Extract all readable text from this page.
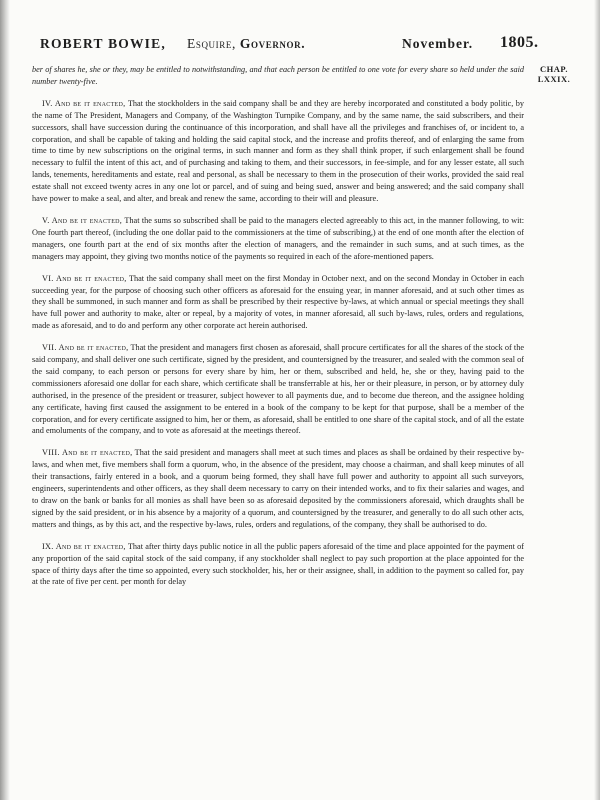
ROBERT BOWIE, Esquire, Governor.	November. 1805.
CHAP.
LXXIX.

ber of shares he, she or they, may be entitled to notwithstanding, and that each person be entitled to one vote for every share so held under the said number twenty-five.

IV. And be it enacted, That the stockholders in the said company shall be and they are hereby incorporated and constituted a body politic, by the name of The President, Managers and Company, of the Washington Turnpike Company, and by the same name, the said subscribers, and their successors, shall have succession during the continuance of this incorporation, and shall have all the privileges and franchises of, or incident to, a corporation, and shall be capable of taking and holding the said capital stock, and the increase and profits thereof, and of enlarging the same from time to time by new subscriptions on the original terms, in such manner and form as they shall think proper, if such enlargement shall be found necessary to fulfil the intent of this act, and of purchasing and taking to them, and their successors, in fee-simple, and for any lesser estate, all such lands, tenements, hereditaments and estate, real and personal, as shall be necessary to them in the prosecution of their works, provided the said real estate shall not exceed twenty acres in any one lot or parcel, and of suing and being sued, answer and being answered; and the said company shall have power to make a seal, and alter, and break and renew the same, according to their will and pleasure.

V. And be it enacted, That the sums so subscribed shall be paid to the managers elected agreeably to this act, in the manner following, to wit: One fourth part thereof, (including the one dollar paid to the commissioners at the time of subscribing,) at the end of one month after the election of managers, one fourth part at the end of six months after the election of managers, and the remainder in such sums, and at such times, as the managers may appoint, they giving two months notice of the payments so required in each of the afore-mentioned papers.

VI. And be it enacted, That the said company shall meet on the first Monday in October next, and on the second Monday in October in each succeeding year, for the purpose of choosing such other officers as aforesaid for the ensuing year, in manner aforesaid, and at such other times as they shall be summoned, in such manner and form as shall be prescribed by their respective by-laws, at which annual or special meetings they shall have full power and authority to make, alter or repeal, by a majority of votes, in manner aforesaid, all such by-laws, rules, orders and regulations, made as aforesaid, and to do and perform any other corporate act herein authorised.

VII. And be it enacted, That the president and managers first chosen as aforesaid, shall procure certificates for all the shares of the stock of the said company, and shall deliver one such certificate, signed by the president, and countersigned by the treasurer, and sealed with the common seal of the said company, to each person or persons for every share by him, her or them, subscribed and held, he, she or they, having paid to the commissioners aforesaid one dollar for each share, which certificate shall be transferrable at his, her or their pleasure, in person, or by attorney duly authorised, in the presence of the president or treasurer, subject however to all payments due, and to become due thereon, and the assignee holding any certificate, having first caused the assignment to be entered in a book of the company to be kept for that purpose, shall be a member of the corporation, and for every certificate assigned to him, her or them, as aforesaid, shall be entitled to one share of the capital stock, and of all the estate and emoluments of the company, and to vote as aforesaid at the meetings thereof.

VIII. And be it enacted, That the said president and managers shall meet at such times and places as shall be ordained by their respective by-laws, and when met, five members shall form a quorum, who, in the absence of the president, may choose a chairman, and shall keep minutes of all their transactions, fairly entered in a book, and a quorum being formed, they shall have full power and authority to appoint all such surveyors, engineers, superintendents and other officers, as they shall deem necessary to carry on their intended works, and to fix their salaries and wages, and to draw on the bank or banks for all monies as shall have been so as aforesaid deposited by the commissioners aforesaid, which draughts shall be signed by the said president, or in his absence by a majority of a quorum, and countersigned by the treasurer, and generally to do all such other acts, matters and things, as by this act, and the respective by-laws, rules, orders and regulations, of the company, they shall be authorised to do.

IX. And be it enacted, That after thirty days public notice in all the public papers aforesaid of the time and place appointed for the payment of any proportion of the said capital stock of the said company, if any stockholder shall neglect to pay such proportion at the place appointed for the space of thirty days after the time so appointed, every such stockholder, his, her or their assignee, shall, in addition to the payment so called for, pay at the rate of five per cent. per month for delay
